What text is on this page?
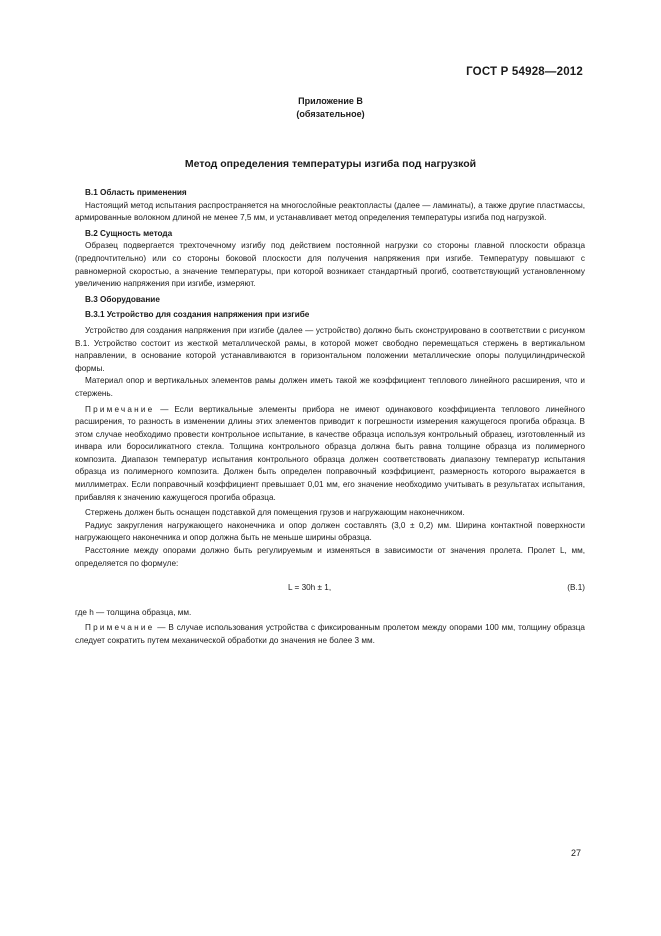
ГОСТ Р 54928—2012
Приложение В
(обязательное)
Метод определения температуры изгиба под нагрузкой

В.1 Область применения

Настоящий метод испытания распространяется на многослойные реактопласты (далее — ламинаты), а также другие пластмассы, армированные волокном длиной не менее 7,5 мм, и устанавливает метод определения температуры изгиба под нагрузкой.

В.2 Сущность метода

Образец подвергается трехточечному изгибу под действием постоянной нагрузки со стороны главной плоскости образца (предпочтительно) или со стороны боковой плоскости для получения напряжения при изгибе. Температуру повышают с равномерной скоростью, а значение температуры, при которой возникает стандартный прогиб, соответствующий установленному увеличению напряжения при изгибе, измеряют.

В.3 Оборудование

В.3.1 Устройство для создания напряжения при изгибе

Устройство для создания напряжения при изгибе (далее — устройство) должно быть сконструировано в соответствии с рисунком В.1. Устройство состоит из жесткой металлической рамы, в которой может свободно перемещаться стержень в вертикальном направлении, в основание которой устанавливаются в горизонтальном положении металлические опоры полуцилиндрической формы.

Материал опор и вертикальных элементов рамы должен иметь такой же коэффициент теплового линейного расширения, что и стержень.

Примечание — Если вертикальные элементы прибора не имеют одинакового коэффициента теплового линейного расширения, то разность в изменении длины этих элементов приводит к погрешности измерения кажущегося прогиба образца. В этом случае необходимо провести контрольное испытание, в качестве образца используя контрольный образец, изготовленный из инвара или боросиликатного стекла. Толщина контрольного образца должна быть равна толщине образца из полимерного композита. Диапазон температур испытания контрольного образца должен соответствовать диапазону температур испытания образца из полимерного композита. Должен быть определен поправочный коэффициент, размерность которого выражается в миллиметрах. Если поправочный коэффициент превышает 0,01 мм, его значение необходимо учитывать в результатах испытания, прибавляя к значению кажущегося прогиба образца.

Стержень должен быть оснащен подставкой для помещения грузов и нагружающим наконечником.

Радиус закругления нагружающего наконечника и опор должен составлять (3,0 ± 0,2) мм. Ширина контактной поверхности нагружающего наконечника и опор должна быть не меньше ширины образца.

Расстояние между опорами должно быть регулируемым и изменяться в зависимости от значения пролета. Пролет L, мм, определяется по формуле:

L = 30h ± 1,	(В.1)

где h — толщина образца, мм.

Примечание — В случае использования устройства с фиксированным пролетом между опорами 100 мм, толщину образца следует сократить путем механической обработки до значения не более 3 мм.

27
